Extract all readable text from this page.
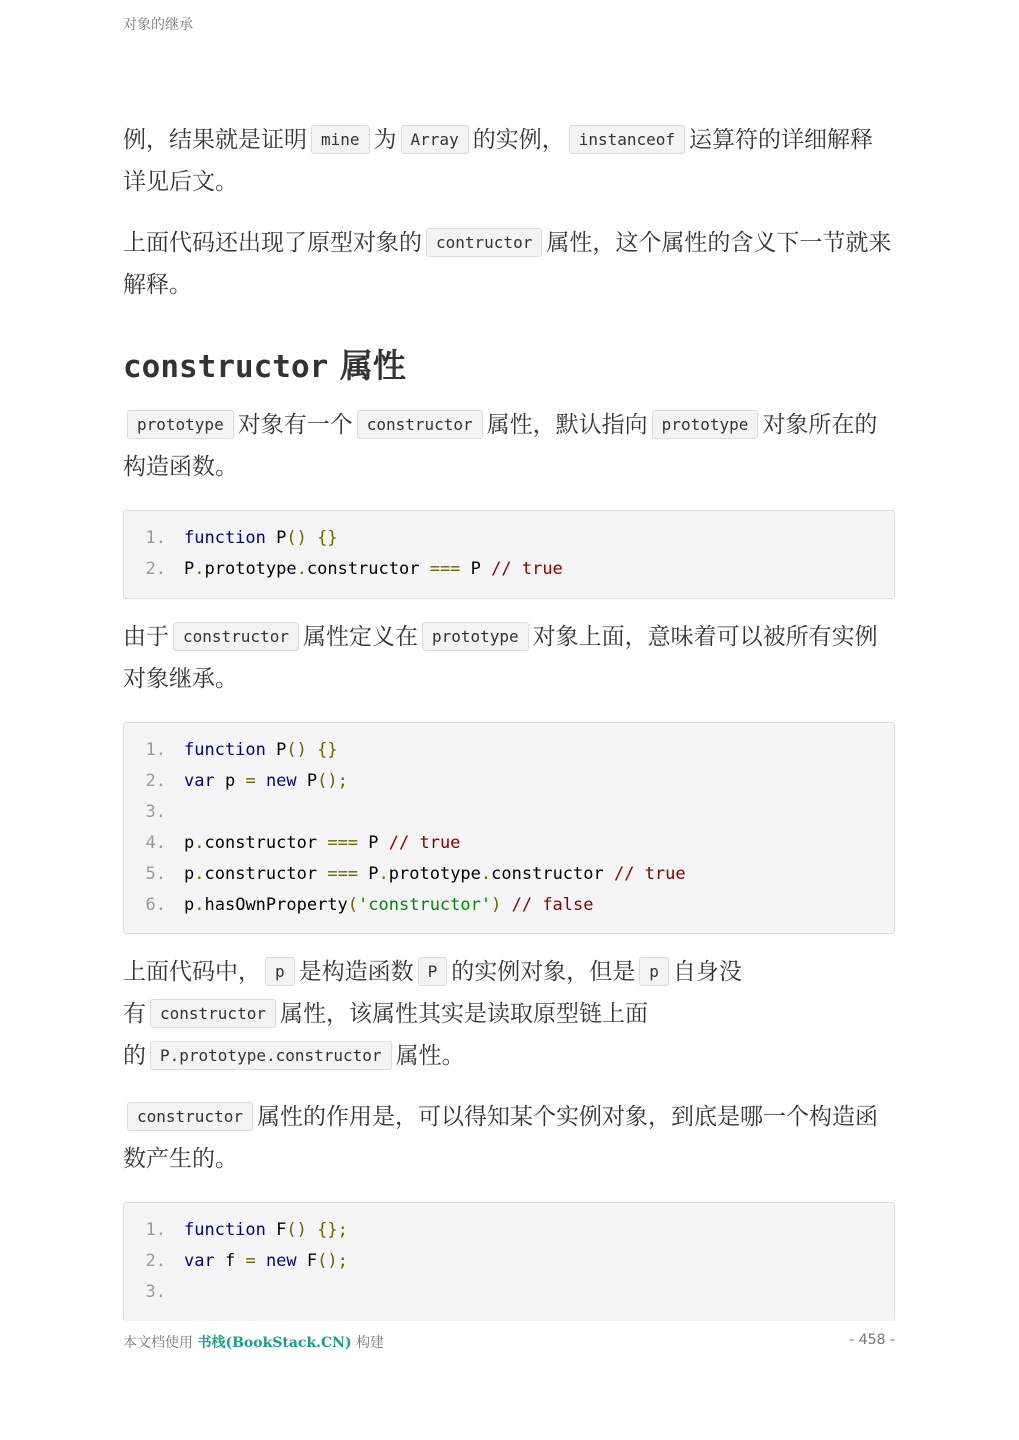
对象的继承

例，结果就是证明 mine 为 Array 的实例， instanceof 运算符的详细解释详见后文。

上面代码还出现了原型对象的 contructor 属性，这个属性的含义下一节就来解释。

constructor 属性

prototype 对象有一个 constructor 属性，默认指向 prototype 对象所在的构造函数。

1. function P() {}
2. P.prototype.constructor === P // true

由于 constructor 属性定义在 prototype 对象上面，意味着可以被所有实例对象继承。

1. function P() {}
2. var p = new P();
3.
4. p.constructor === P // true
5. p.constructor === P.prototype.constructor // true
6. p.hasOwnProperty('constructor') // false
上面代码中， p 是构造函数 P 的实例对象，但是 p 自身没
有 constructor 属性，该属性其实是读取原型链上面
的 P.prototype.constructor 属性。

constructor 属性的作用是，可以得知某个实例对象，到底是哪一个构造函数产生的。

1. function F() {};
2. var f = new F();
3.
本文档使用 书栈(BookStack.CN) 构建	- 458 -
